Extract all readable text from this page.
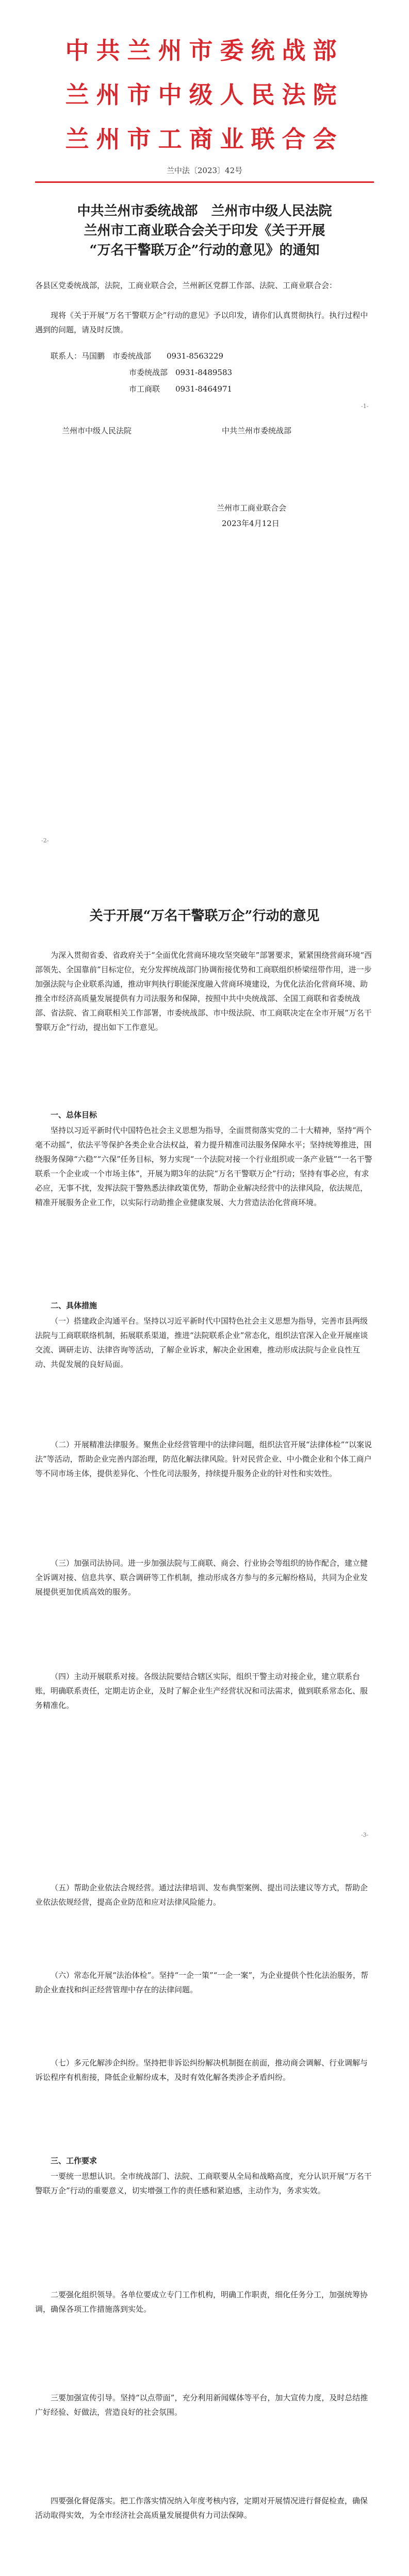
中共兰州市委统战部
兰州市中级人民法院
兰州市工商业联合会
兰中法〔2023〕42号
中共兰州市委统战部　兰州市中级人民法院
兰州市工商业联合会关于印发《关于开展
“万名干警联万企”行动的意见》的通知
各县区党委统战部，法院，工商业联合会，兰州新区党群工作部、法院、工商业联合会：
现将《关于开展“万名干警联万企”行动的意见》予以印发，请你们认真贯彻执行。执行过程中遇到的问题，请及时反馈。
联系人：马国鹏　市委统战部　　0931-8563229
市委统战部　0931-8489583
市工商联　　0931-8464971
-1-
兰州市中级人民法院	中共兰州市委统战部
兰州市工商业联合会
2023年4月12日
-2-
关于开展“万名干警联万企”行动的意见
为深入贯彻省委、省政府关于“全面优化营商环境攻坚突破年”部署要求，紧紧围绕营商环境“西部领先、全国靠前”目标定位，充分发挥统战部门协调衔接优势和工商联组织桥梁纽带作用，进一步加强法院与企业联系沟通，推动审判执行职能深度融入营商环境建设，为优化法治化营商环境、助推全市经济高质量发展提供有力司法服务和保障，按照中共中央统战部、全国工商联和省委统战部、省法院、省工商联相关工作部署，市委统战部、市中级法院、市工商联决定在全市开展“万名干警联万企”行动，提出如下工作意见。
一、总体目标
坚持以习近平新时代中国特色社会主义思想为指导，全面贯彻落实党的二十大精神，坚持“两个毫不动摇”，依法平等保护各类企业合法权益，着力提升精准司法服务保障水平；坚持统筹推进，围绕服务保障“六稳”“六保”任务目标，努力实现“一个法院对接一个行业组织或一条产业链”“一名干警联系一个企业或一个市场主体”，开展为期3年的法院“万名干警联万企”行动；坚持有事必应，有求必应，无事不扰，发挥法院干警熟悉法律政策优势，帮助企业解决经营中的法律风险，依法规范，精准开展服务企业工作，以实际行动助推企业健康发展、大力营造法治化营商环境。
二、具体措施
（一）搭建政企沟通平台。坚持以习近平新时代中国特色社会主义思想为指导，完善市县两级法院与工商联联络机制，拓展联系渠道，推进“法院联系企业”常态化，组织法官深入企业开展座谈交流、调研走访、法律咨询等活动，了解企业诉求，解决企业困难，推动形成法院与企业良性互动、共促发展的良好局面。
（二）开展精准法律服务。聚焦企业经营管理中的法律问题，组织法官开展“法律体检”“以案说法”等活动，帮助企业完善内部治理，防范化解法律风险。针对民营企业、中小微企业和个体工商户等不同市场主体，提供差异化、个性化司法服务，持续提升服务企业的针对性和实效性。
（三）加强司法协同。进一步加强法院与工商联、商会、行业协会等组织的协作配合，建立健全诉调对接、信息共享、联合调研等工作机制，推动形成各方参与的多元解纷格局，共同为企业发展提供更加优质高效的服务。
（四）主动开展联系对接。各级法院要结合辖区实际，组织干警主动对接企业，建立联系台账，明确联系责任，定期走访企业，及时了解企业生产经营状况和司法需求，做到联系常态化、服务精准化。
-3-
（五）帮助企业依法合规经营。通过法律培训、发布典型案例、提出司法建议等方式，帮助企业依法依规经营，提高企业防范和应对法律风险能力。
（六）常态化开展“法治体检”。坚持“一企一策”“一企一案”，为企业提供个性化法治服务，帮助企业查找和纠正经营管理中存在的法律问题。
（七）多元化解涉企纠纷。坚持把非诉讼纠纷解决机制挺在前面，推动商会调解、行业调解与诉讼程序有机衔接，降低企业解纷成本，及时有效化解各类涉企矛盾纠纷。
三、工作要求
一要统一思想认识。全市统战部门、法院、工商联要从全局和战略高度，充分认识开展“万名干警联万企”行动的重要意义，切实增强工作的责任感和紧迫感，主动作为，务求实效。
二要强化组织领导。各单位要成立专门工作机构，明确工作职责，细化任务分工，加强统筹协调，确保各项工作措施落到实处。
三要加强宣传引导。坚持“以点带面”，充分利用新闻媒体等平台，加大宣传力度，及时总结推广好经验、好做法，营造良好的社会氛围。
四要强化督促落实。把工作落实情况纳入年度考核内容，定期对开展情况进行督促检查，确保活动取得实效，为全市经济社会高质量发展提供有力司法保障。
